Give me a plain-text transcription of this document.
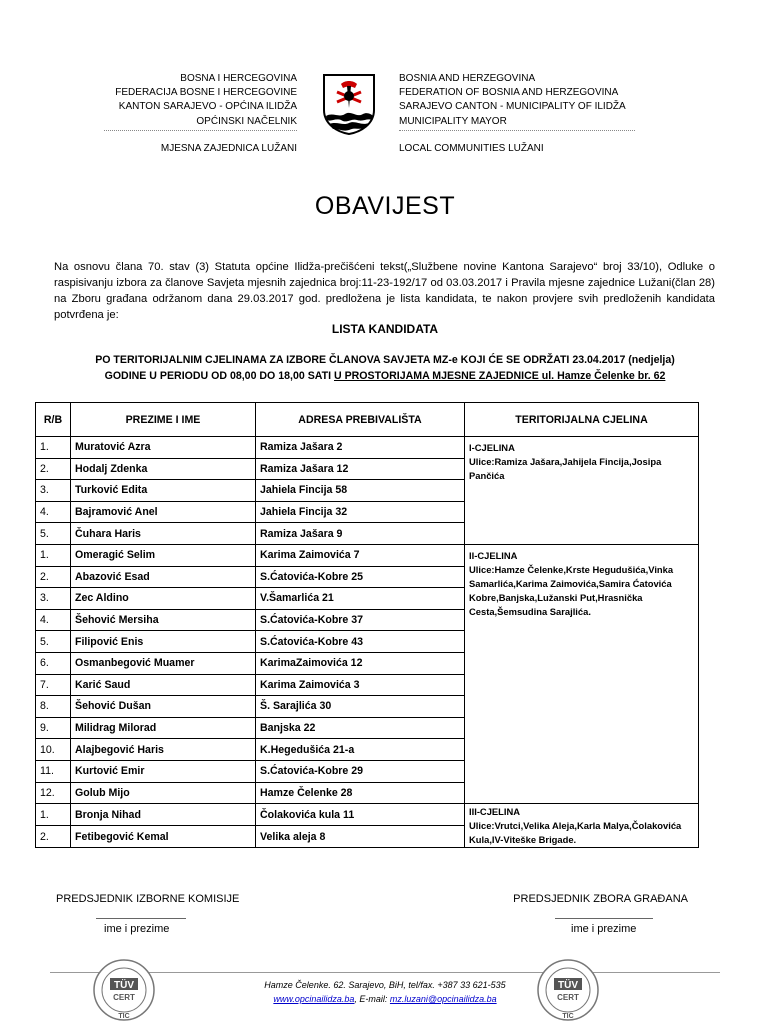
BOSNA I HERCEGOVINA
FEDERACIJA BOSNE I HERCEGOVINE
KANTON SARAJEVO - OPĆINA ILIDŽA
OPĆINSKI NAČELNIK
MJESNA ZAJEDNICA LUŽANI
BOSNIA AND HERZEGOVINA
FEDERATION OF BOSNIA AND HERZEGOVINA
SARAJEVO CANTON - MUNICIPALITY OF ILIDŽA
MUNICIPALITY MAYOR
LOCAL COMMUNITIES LUŽANI
OBAVIJEST
Na osnovu člana 70. stav (3) Statuta općine Ilidža-prečišćeni tekst(„Službene novine Kantona Sarajevo“ broj 33/10), Odluke o raspisivanju izbora za članove Savjeta mjesnih zajednica broj:11-23-192/17 od 03.03.2017 i Pravila mjesne zajednice Lužani(član 28) na Zboru građana održanom dana 29.03.2017 god. predložena je lista kandidata, te nakon provjere svih predloženih kandidata potvrđena je:
LISTA KANDIDATA
PO TERITORIJALNIM CJELINAMA ZA IZBORE ČLANOVA SAVJETA MZ-e KOJI ĆE SE ODRŽATI 23.04.2017 (nedjelja)
GODINE U PERIODU OD 08,00 DO 18,00 SATI U PROSTORIJAMA MJESNE ZAJEDNICE ul. Hamze Čelenke br. 62
R/B	PREZIME I IME	ADRESA PREBIVALIŠTA	TERITORIJALNA CJELINA
1.	Muratović Azra	Ramiza Jašara 2	I-CJELINA
Ulice:Ramiza Jašara,Jahijela Fincija,Josipa Pančića

2.	Hodalj Zdenka	Ramiza Jašara 12	
3.	Turković Edita	Jahiela Fincija 58	
4.	Bajramović Anel	Jahiela Fincija 32	
5.	Čuhara Haris	Ramiza Jašara 9	
1.	Omeragić Selim	Karima Zaimovića 7	II-CJELINA
Ulice:Hamze Čelenke,Krste Hegudušića,Vinka Samarlića,Karima Zaimovića,Samira Ćatovića Kobre,Banjska,Lužanski Put,Hrasnička Cesta,Šemsudina Sarajlića.

2.	Abazović Esad	S.Ćatovića-Kobre 25	
3.	Zec Aldino	V.Šamarlića 21	
4.	Šehović Mersiha	S.Ćatovića-Kobre 37	
5.	Filipović Enis	S.Ćatovića-Kobre 43	
6.	Osmanbegović Muamer	KarimaZaimovića 12	
7.	Karić Saud	Karima Zaimovića 3	
8.	Šehović Dušan	Š. Sarajlića 30	
9.	Milidrag Milorad	Banjska 22	
10.	Alajbegović Haris	K.Hegedušića 21-a	
11.	Kurtović Emir	S.Ćatovića-Kobre 29	
12.	Golub Mijo	Hamze Čelenke 28	
1.	Bronja Nihad	Čolakovića kula 11	III-CJELINA
Ulice:Vrutci,Velika Aleja,Karla Malya,Čolakovića Kula,IV-Viteške Brigade.

2.	Fetibegović Kemal	Velika aleja 8	
PREDSJEDNIK IZBORNE KOMISIJE
ime i prezime
PREDSJEDNIK ZBORA GRAĐANA
ime i prezime
TÜV
CERT
TIC
Hamze Čelenke. 62. Sarajevo, BiH, tel/fax. +387 33 621-535
www.opcinailidza.ba, E-mail: mz.luzani@opcinailidza.ba
TÜV
CERT
TIC
